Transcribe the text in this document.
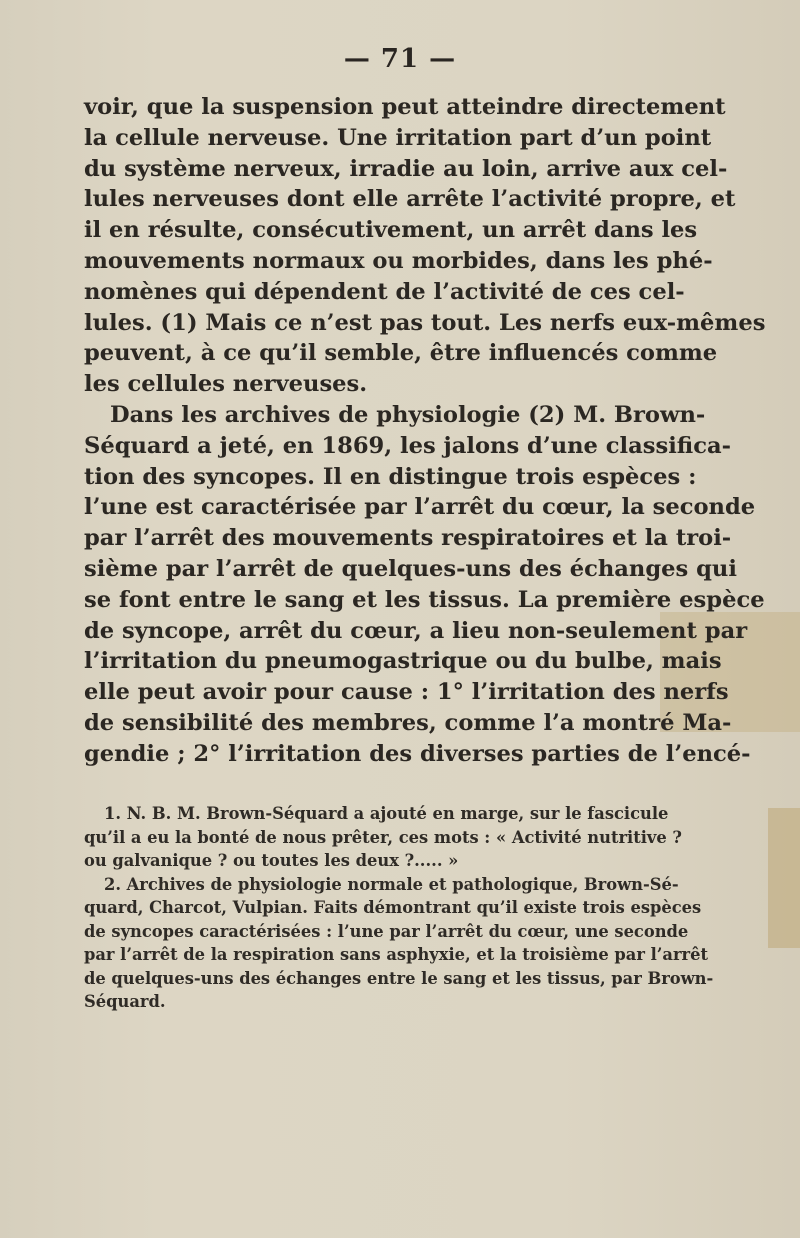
— 71 —
voir, que la suspension peut atteindre directement
la cellule nerveuse. Une irritation part d’un point
du système nerveux, irradie au loin, arrive aux cel-
lules nerveuses dont elle arrête l’activité propre, et
il en résulte, consécutivement, un arrêt dans les
mouvements normaux ou morbides, dans les phé-
nomènes qui dépendent de l’activité de ces cel-
lules. (1) Mais ce n’est pas tout. Les nerfs eux-mêmes
peuvent, à ce qu’il semble, être influencés comme
les cellules nerveuses.
Dans les archives de physiologie (2) M. Brown-
Séquard a jeté, en 1869, les jalons d’une classifica-
tion des syncopes. Il en distingue trois espèces :
l’une est caractérisée par l’arrêt du cœur, la seconde
par l’arrêt des mouvements respiratoires et la troi-
sième par l’arrêt de quelques-uns des échanges qui
se font entre le sang et les tissus. La première espèce
de syncope, arrêt du cœur, a lieu non-seulement par
l’irritation du pneumogastrique ou du bulbe, mais
elle peut avoir pour cause : 1° l’irritation des nerfs
de sensibilité des membres, comme l’a montré Ma-
gendie ; 2° l’irritation des diverses parties de l’encé-
1. N. B. M. Brown-Séquard a ajouté en marge, sur le fascicule
qu’il a eu la bonté de nous prêter, ces mots : « Activité nutritive ?
ou galvanique ? ou toutes les deux ?..... »
2. Archives de physiologie normale et pathologique, Brown-Sé-
quard, Charcot, Vulpian. Faits démontrant qu’il existe trois espèces
de syncopes caractérisées : l’une par l’arrêt du cœur, une seconde
par l’arrêt de la respiration sans asphyxie, et la troisième par l’arrêt
de quelques-uns des échanges entre le sang et les tissus, par Brown-
Séquard.
